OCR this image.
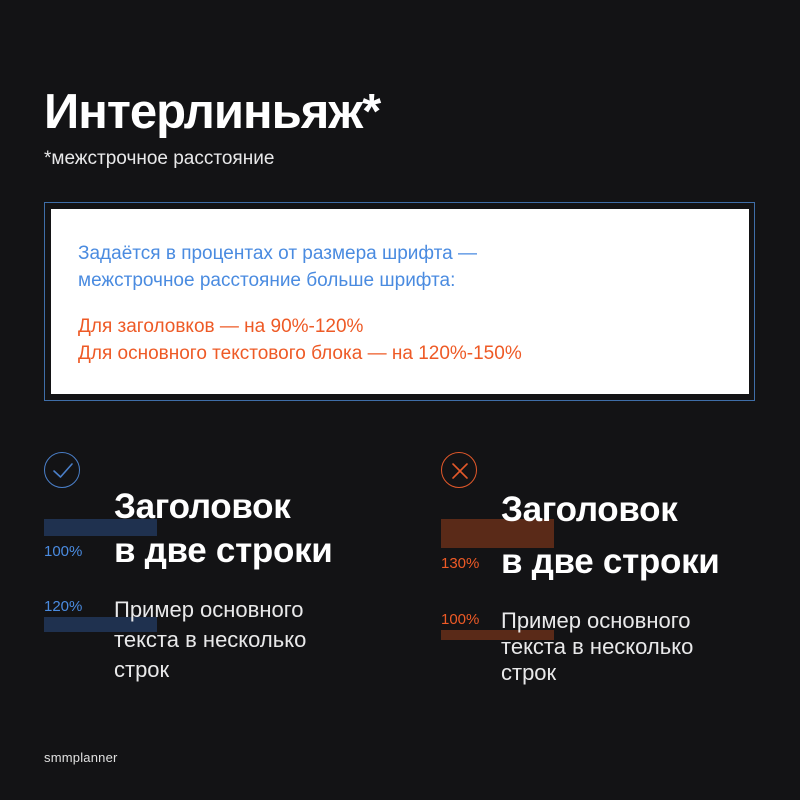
Интерлиньяж*
*межстрочное расстояние

Задаётся в процентах от размера шрифта —

межстрочное расстояние больше шрифта:

Для заголовков — на 90%-120%

Для основного текстового блока — на 120%-150%

100%
120%
Заголовок
в две строки
Пример основного
текста в несколько
строк
130%
100%
Заголовок
в две строки
Пример основного
текста в несколько
строк
smmplanner
